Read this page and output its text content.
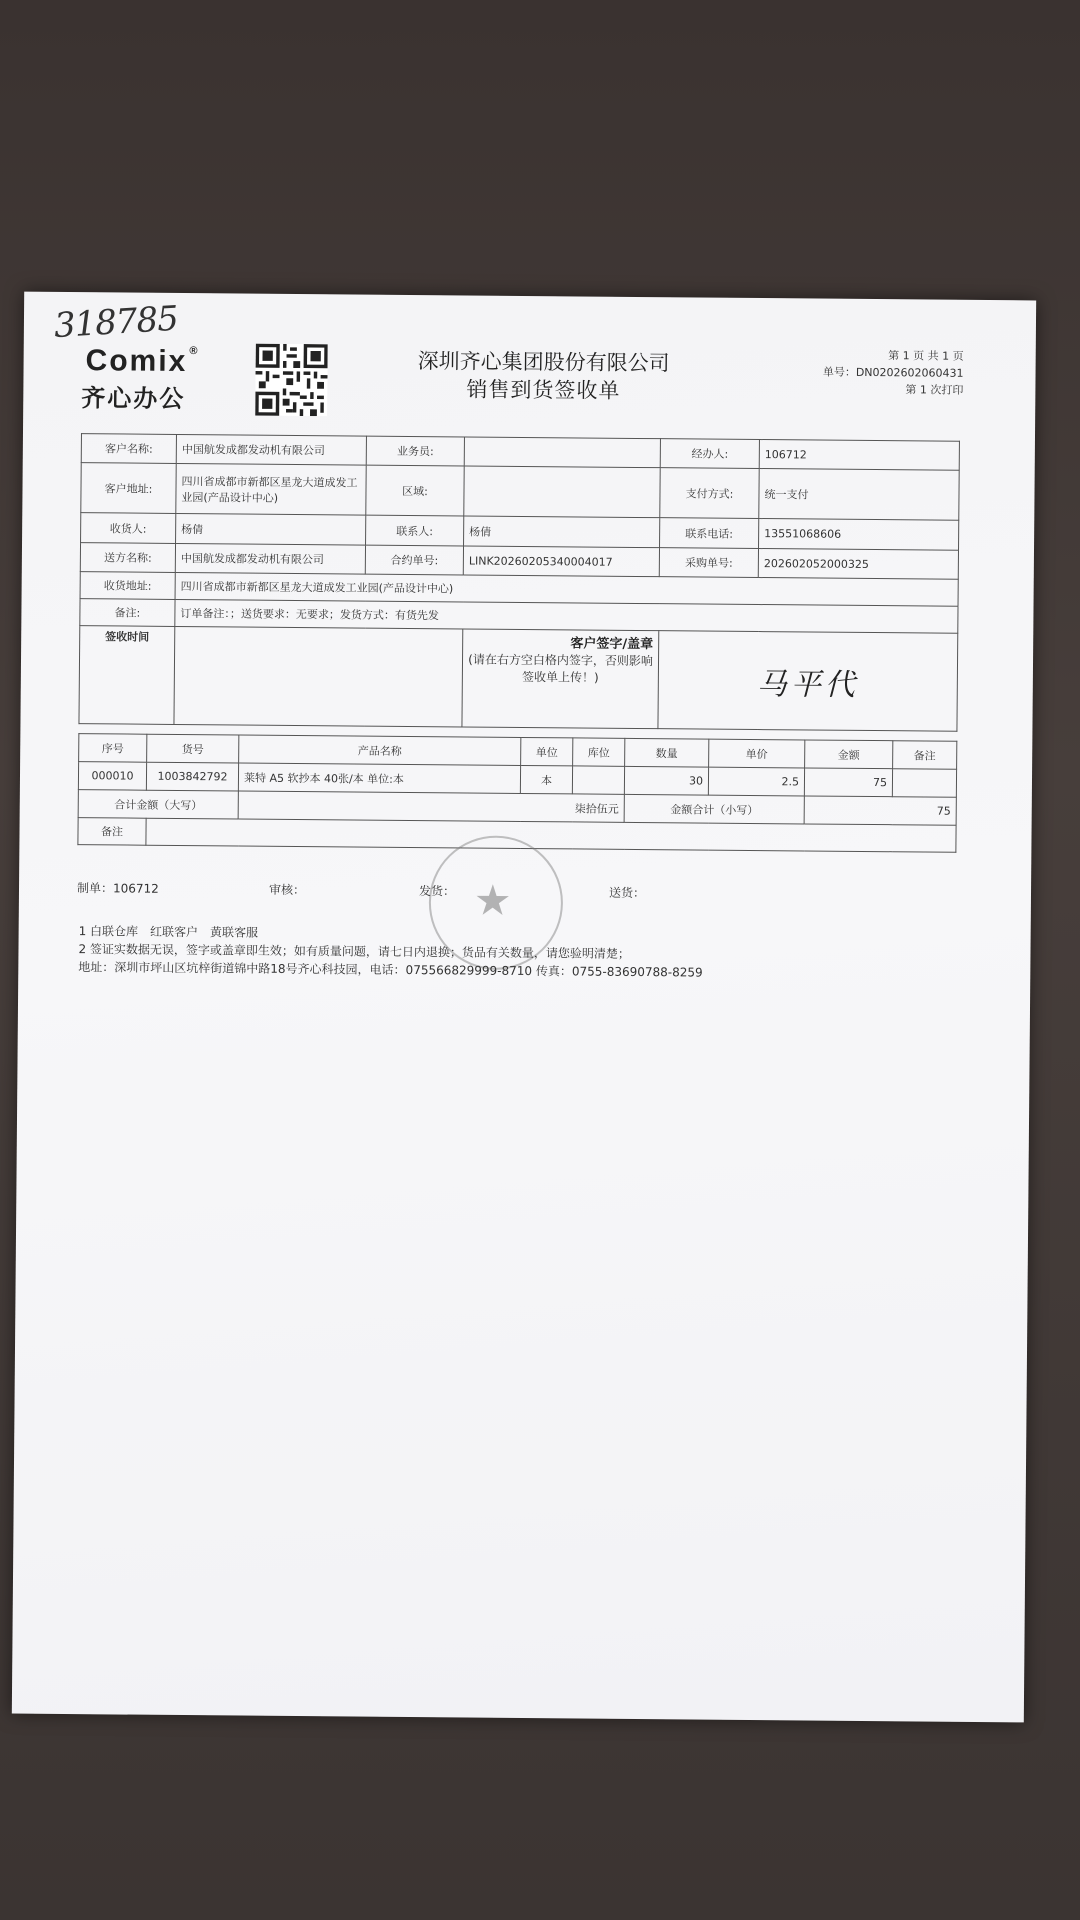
318785
Comix ®
齐心办公
深圳齐心集团股份有限公司
销售到货签收单
第 1 页 共 1 页
单号：DN0202602060431
第 1 次打印
客户名称:	中国航发成都发动机有限公司	业务员:		经办人:	106712
客户地址:	四川省成都市新都区星龙大道成发工业园(产品设计中心)	区域:		支付方式:	统一支付
收货人:	杨倩	联系人:	杨倩	联系电话:	13551068606
送方名称:	中国航发成都发动机有限公司	合约单号:	LINK20260205340004017	采购单号:	202602052000325
收货地址:	四川省成都市新都区星龙大道成发工业园(产品设计中心)				
备注:	订单备注：；送货要求：无要求；发货方式：有货先发				
签收时间			客户签字/盖章
(请在右方空白格内签字，否则影响签收单上传！)	马平代	
序号	货号	产品名称	单位	库位	数量	单价	金额	备注
000010	1003842792	莱特 A5 软抄本 40张/本 单位:本	本		30	2.5	75	
合计金额（大写）		柒拾伍元			金额合计（小写）		75	
备注								
★
制单：106712	审核：	发货：	送货：
1 白联仓库　红联客户　黄联客服
2 签证实数据无误，签字或盖章即生效；如有质量问题，请七日内退换；货品有关数量，请您验明清楚；
地址：深圳市坪山区坑梓街道锦中路18号齐心科技园，电话：075566829999-8710 传真：0755-83690788-8259
